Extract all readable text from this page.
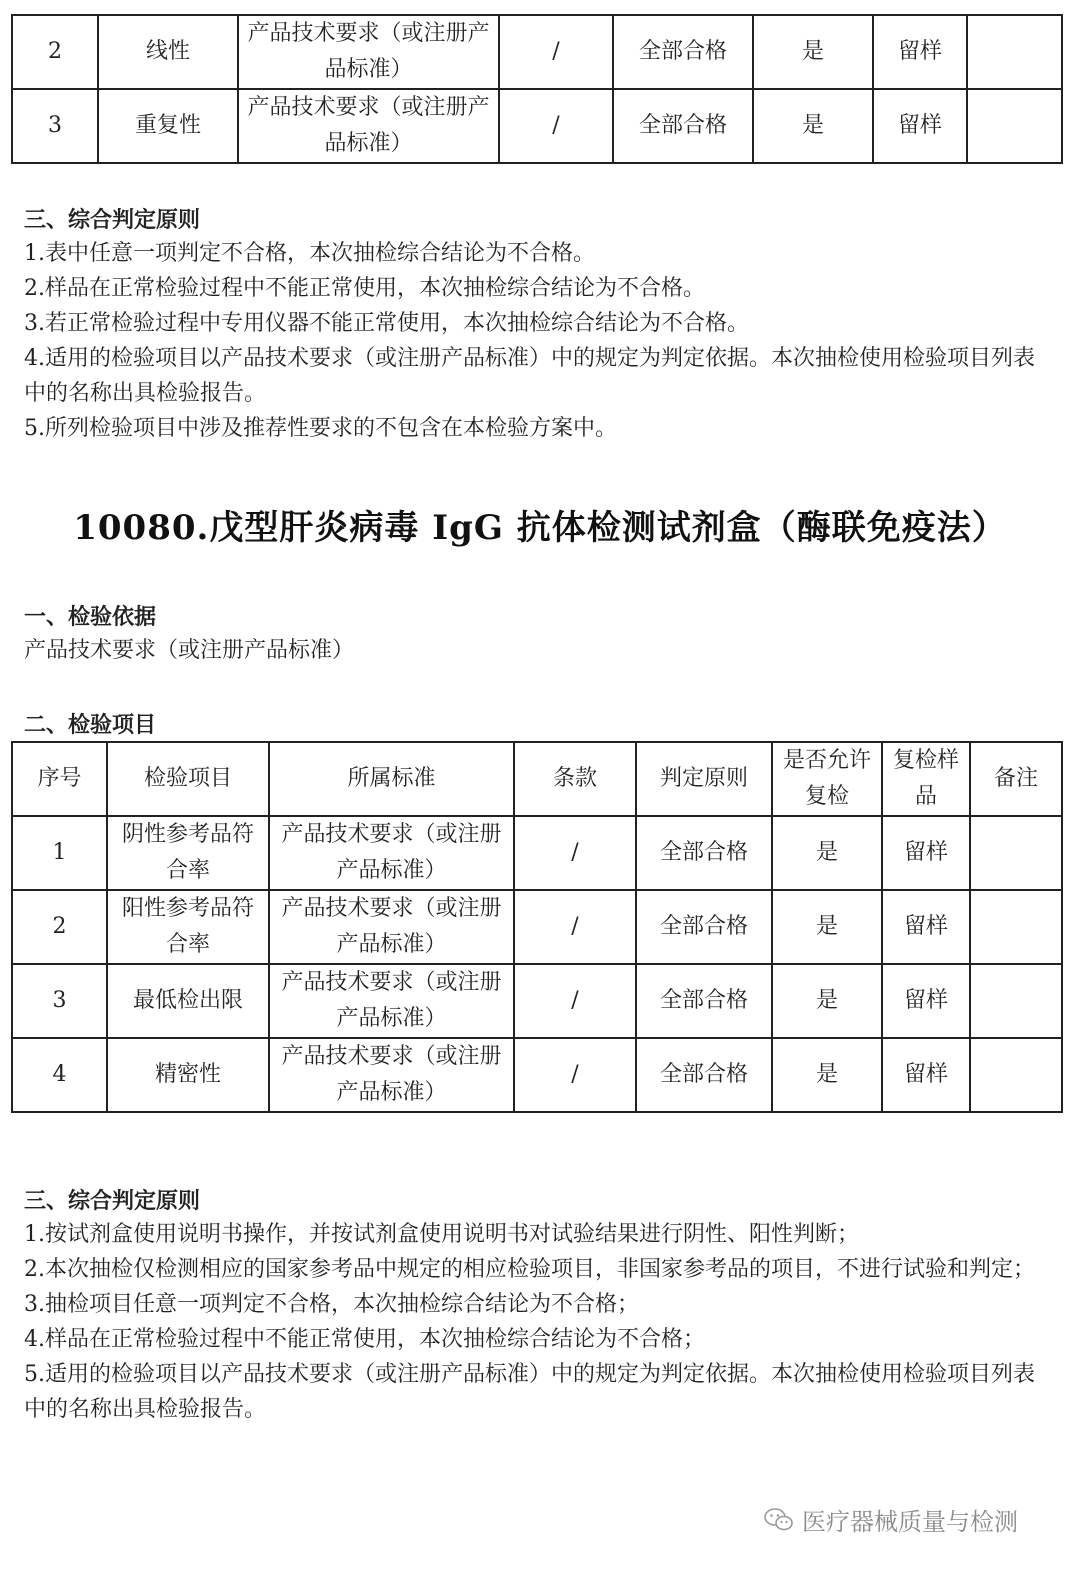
2	线性	产品技术要求（或注册产品标准）	/	全部合格	是	留样	
3	重复性	产品技术要求（或注册产品标准）	/	全部合格	是	留样	
三、综合判定原则
1.表中任意一项判定不合格，本次抽检综合结论为不合格。
2.样品在正常检验过程中不能正常使用，本次抽检综合结论为不合格。
3.若正常检验过程中专用仪器不能正常使用，本次抽检综合结论为不合格。
4.适用的检验项目以产品技术要求（或注册产品标准）中的规定为判定依据。本次抽检使用检验项目列表中的名称出具检验报告。
5.所列检验项目中涉及推荐性要求的不包含在本检验方案中。
10080.戊型肝炎病毒 IgG 抗体检测试剂盒（酶联免疫法）
一、检验依据
产品技术要求（或注册产品标准）
二、检验项目
序号	检验项目	所属标准	条款	判定原则	是否允许复检	复检样品	备注
1	阴性参考品符合率	产品技术要求（或注册产品标准）	/	全部合格	是	留样	
2	阳性参考品符合率	产品技术要求（或注册产品标准）	/	全部合格	是	留样	
3	最低检出限	产品技术要求（或注册产品标准）	/	全部合格	是	留样	
4	精密性	产品技术要求（或注册产品标准）	/	全部合格	是	留样	
三、综合判定原则
1.按试剂盒使用说明书操作，并按试剂盒使用说明书对试验结果进行阴性、阳性判断；
2.本次抽检仅检测相应的国家参考品中规定的相应检验项目，非国家参考品的项目，不进行试验和判定；
3.抽检项目任意一项判定不合格，本次抽检综合结论为不合格；
4.样品在正常检验过程中不能正常使用，本次抽检综合结论为不合格；
5.适用的检验项目以产品技术要求（或注册产品标准）中的规定为判定依据。本次抽检使用检验项目列表中的名称出具检验报告。
医疗器械质量与检测
